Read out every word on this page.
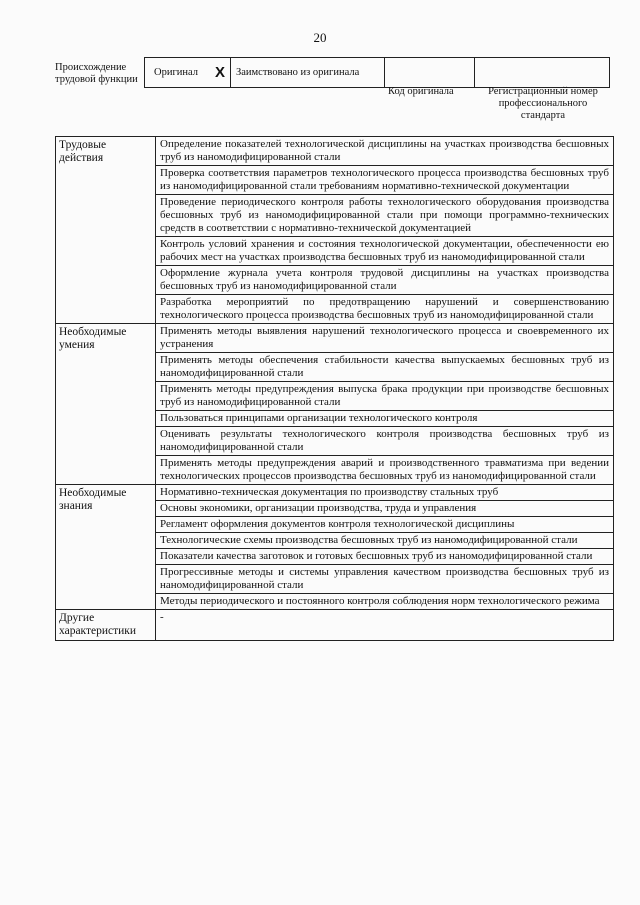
20
Происхождение трудовой функции
Оригинал X Заимствовано из оригинала
Код оригинала	Регистрационный номер профессионального стандарта
Трудовые действия	Определение показателей технологической дисциплины на участках производства бесшовных труб из наномодифицированной стали
	Проверка соответствия параметров технологического процесса производства бесшовных труб из наномодифицированной стали требованиям нормативно-технической документации
	Проведение периодического контроля работы технологического оборудования производства бесшовных труб из наномодифицированной стали при помощи программно-технических средств в соответствии с нормативно-технической документацией
	Контроль условий хранения и состояния технологической документации, обеспеченности ею рабочих мест на участках производства бесшовных труб из наномодифицированной стали
	Оформление журнала учета контроля трудовой дисциплины на участках производства бесшовных труб из наномодифицированной стали
	Разработка мероприятий по предотвращению нарушений и совершенствованию технологического процесса производства бесшовных труб из наномодифицированной стали
Необходимые умения	Применять методы выявления нарушений технологического процесса и своевременного их устранения
	Применять методы обеспечения стабильности качества выпускаемых бесшовных труб из наномодифицированной стали
	Применять методы предупреждения выпуска брака продукции при производстве бесшовных труб из наномодифицированной стали
	Пользоваться принципами организации технологического контроля
	Оценивать результаты технологического контроля производства бесшовных труб из наномодифицированной стали
	Применять методы предупреждения аварий и производственного травматизма при ведении технологических процессов производства бесшовных труб из наномодифицированной стали
Необходимые знания	Нормативно-техническая документация по производству стальных труб
	Основы экономики, организации производства, труда и управления
	Регламент оформления документов контроля технологической дисциплины
	Технологические схемы производства бесшовных труб из наномодифицированной стали
	Показатели качества заготовок и готовых бесшовных труб из наномодифицированной стали
	Прогрессивные методы и системы управления качеством производства бесшовных труб из наномодифицированной стали
	Методы периодического и постоянного контроля соблюдения норм технологического режима
Другие характеристики	-
